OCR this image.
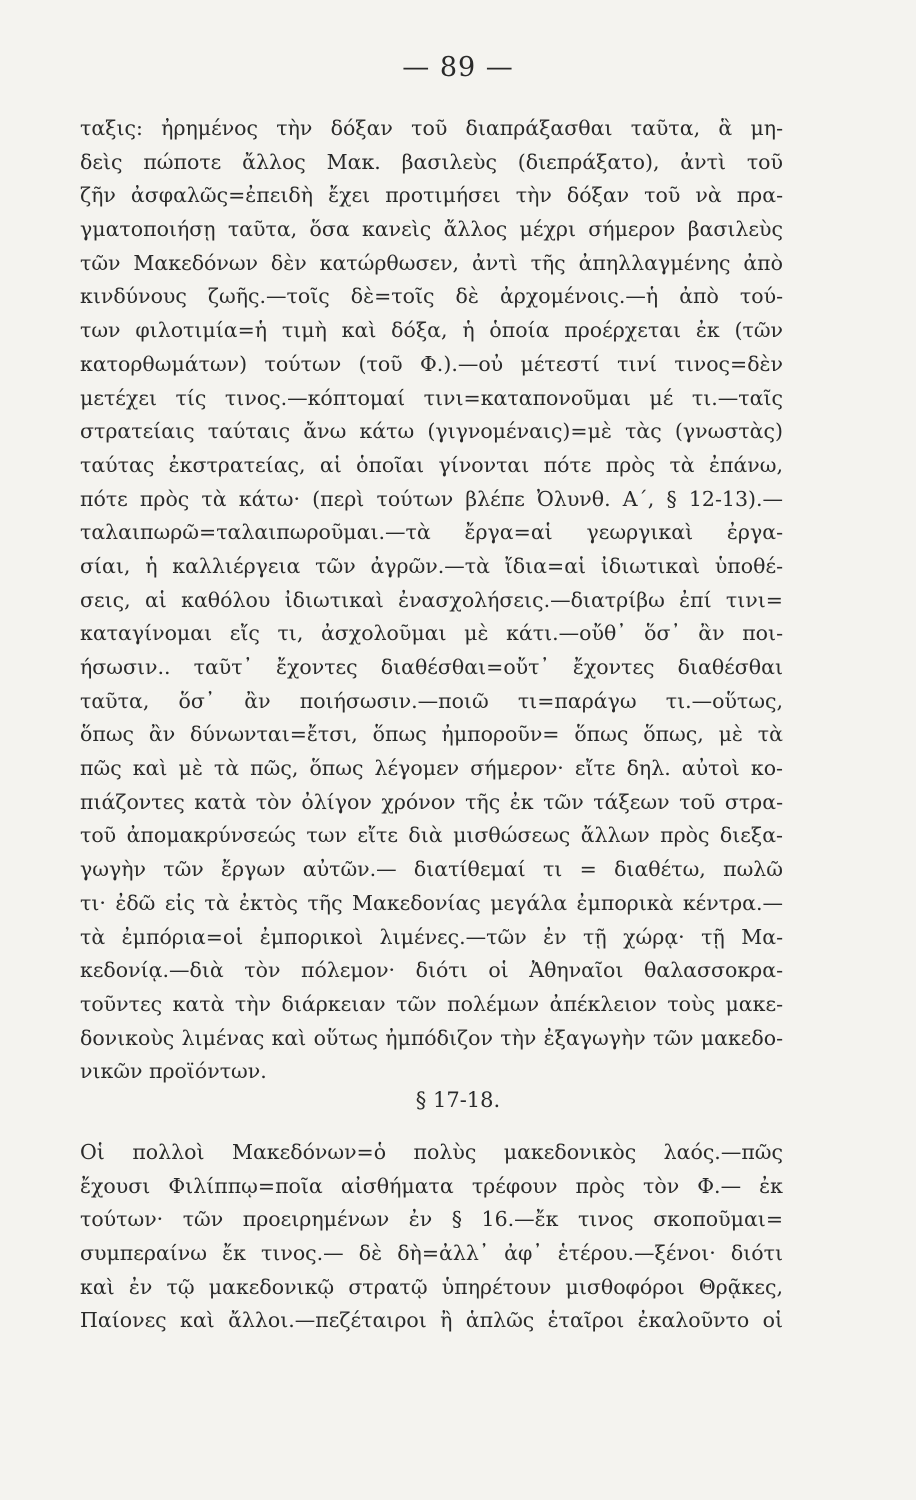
— 89 —
ταξις: ἠρημένος τὴν δόξαν τοῦ διαπράξασθαι ταῦτα, ἃ μη-
δεὶς πώποτε ἄλλος Μακ. βασιλεὺς (διεπράξατο), ἀντὶ τοῦ
ζῆν ἀσφαλῶς=ἐπειδὴ ἔχει προτιμήσει τὴν δόξαν τοῦ νὰ πρα-
γματοποιήσῃ ταῦτα, ὅσα κανεὶς ἄλλος μέχρι σήμερον βασιλεὺς
τῶν Μακεδόνων δὲν κατώρθωσεν, ἀντὶ τῆς ἀπηλλαγμένης ἀπὸ
κινδύνους ζωῆς.—τοῖς δὲ=τοῖς δὲ ἀρχομένοις.—ἡ ἀπὸ τού-
των φιλοτιμία=ἡ τιμὴ καὶ δόξα, ἡ ὁποία προέρχεται ἐκ (τῶν
κατορθωμάτων) τούτων (τοῦ Φ.).—οὐ μέτεστί τινί τινος=δὲν
μετέχει τίς τινος.—κόπτομαί τινι=καταπονοῦμαι μέ τι.—ταῖς
στρατείαις ταύταις ἄνω κάτω (γιγνομέναις)=μὲ τὰς (γνωστὰς)
ταύτας ἐκστρατείας, αἱ ὁποῖαι γίνονται πότε πρὸς τὰ ἐπάνω,
πότε πρὸς τὰ κάτω· (περὶ τούτων βλέπε Ὀλυνθ. Α΄, § 12-13).—
ταλαιπωρῶ=ταλαιπωροῦμαι.—τὰ ἔργα=αἱ γεωργικαὶ ἐργα-
σίαι, ἡ καλλιέργεια τῶν ἀγρῶν.—τὰ ἴδια=αἱ ἰδιωτικαὶ ὑποθέ-
σεις, αἱ καθόλου ἰδιωτικαὶ ἐνασχολήσεις.—διατρίβω ἐπί τινι=
καταγίνομαι εἴς τι, ἀσχολοῦμαι μὲ κάτι.—οὔθ᾽ ὅσ᾽ ἂν ποι-
ήσωσιν.. ταῦτ᾽ ἔχοντες διαθέσθαι=οὔτ᾽ ἔχοντες διαθέσθαι
ταῦτα, ὅσ᾽ ἂν ποιήσωσιν.—ποιῶ τι=παράγω τι.—οὕτως,
ὅπως ἂν δύνωνται=ἔτσι, ὅπως ἠμποροῦν= ὅπως ὅπως, μὲ τὰ
πῶς καὶ μὲ τὰ πῶς, ὅπως λέγομεν σήμερον· εἴτε δηλ. αὐτοὶ κο-
πιάζοντες κατὰ τὸν ὀλίγον χρόνον τῆς ἐκ τῶν τάξεων τοῦ στρα-
τοῦ ἀπομακρύνσεώς των εἴτε διὰ μισθώσεως ἄλλων πρὸς διεξα-
γωγὴν τῶν ἔργων αὐτῶν.— διατίθεμαί τι = διαθέτω, πωλῶ
τι· ἐδῶ εἰς τὰ ἐκτὸς τῆς Μακεδονίας μεγάλα ἐμπορικὰ κέντρα.—
τὰ ἐμπόρια=οἱ ἐμπορικοὶ λιμένες.—τῶν ἐν τῇ χώρᾳ· τῇ Μα-
κεδονίᾳ.—διὰ τὸν πόλεμον· διότι οἱ Ἀθηναῖοι θαλασσοκρα-
τοῦντες κατὰ τὴν διάρκειαν τῶν πολέμων ἀπέκλειον τοὺς μακε-
δονικοὺς λιμένας καὶ οὕτως ἠμπόδιζον τὴν ἐξαγωγὴν τῶν μακεδο-
νικῶν προϊόντων.
§ 17-18.
Οἱ πολλοὶ Μακεδόνων=ὁ πολὺς μακεδονικὸς λαός.—πῶς
ἔχουσι Φιλίππῳ=ποῖα αἰσθήματα τρέφουν πρὸς τὸν Φ.— ἐκ
τούτων· τῶν προειρημένων ἐν § 16.—ἔκ τινος σκοποῦμαι=
συμπεραίνω ἔκ τινος.— δὲ δὴ=ἀλλ᾽ ἀφ᾽ ἑτέρου.—ξένοι· διότι
καὶ ἐν τῷ μακεδονικῷ στρατῷ ὑπηρέτουν μισθοφόροι Θρᾷκες,
Παίονες καὶ ἄλλοι.—πεζέταιροι ἢ ἁπλῶς ἑταῖροι ἐκαλοῦντο οἱ
